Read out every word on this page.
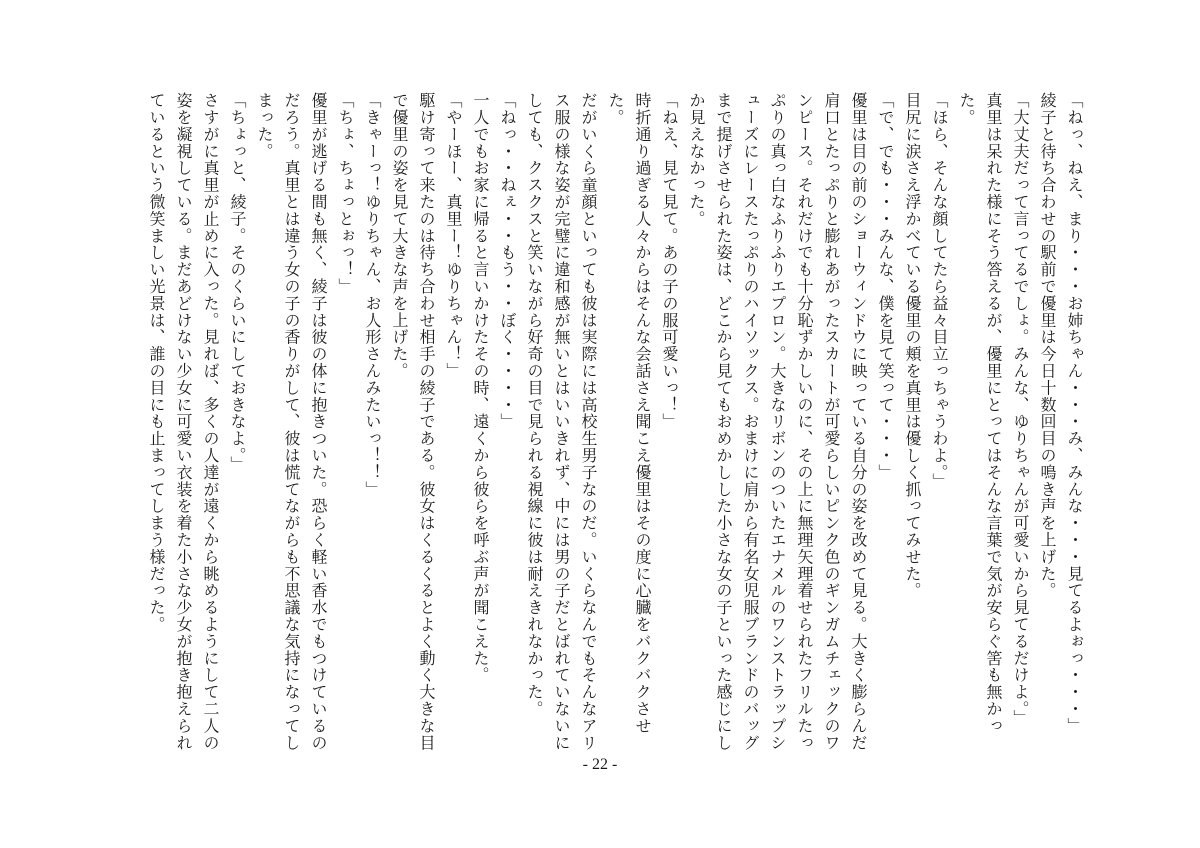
「ねっ、ねえ、まり・・・お姉ちゃん・・・み、みんな・・・見てるよぉっ・・・」

綾子と待ち合わせの駅前で優里は今日十数回目の鳴き声を上げた。

「大丈夫だって言ってるでしょ。みんな、ゆりちゃんが可愛いから見てるだけよ。」

真里は呆れた様にそう答えるが、優里にとってはそんな言葉で気が安らぐ筈も無かった。

「ほら、そんな顔してたら益々目立っちゃうわよ。」

目尻に涙さえ浮かべている優里の頬を真里は優しく抓ってみせた。

「で、でも・・・みんな、僕を見て笑って・・・」

優里は目の前のショーウィンドウに映っている自分の姿を改めて見る。大きく膨らんだ肩口とたっぷりと膨れあがったスカートが可愛らしいピンク色のギンガムチェックのワンピース。それだけでも十分恥ずかしいのに、その上に無理矢理着せられたフリルたっぷりの真っ白なふりふりエプロン。大きなリボンのついたエナメルのワンストラップシューズにレースたっぷりのハイソックス。おまけに肩から有名女児服ブランドのバッグまで提げさせられた姿は、どこから見てもおめかしした小さな女の子といった感じにしか見えなかった。

「ねえ、見て見て。あの子の服可愛いっ！」

時折通り過ぎる人々からはそんな会話さえ聞こえ優里はその度に心臓をバクバクさせた。

だがいくら童顔といっても彼は実際には高校生男子なのだ。いくらなんでもそんなアリス服の様な姿が完璧に違和感が無いとはいいきれず、中には男の子だとばれていないにしても、クスクスと笑いながら好奇の目で見られる視線に彼は耐えきれなかった。

「ねっ・・ねぇ・・もう・・ぼく・・・・」

一人でもお家に帰ると言いかけたその時、遠くから彼らを呼ぶ声が聞こえた。

「やーほー、真里ー！ゆりちゃん！」

駆け寄って来たのは待ち合わせ相手の綾子である。彼女はくるくるとよく動く大きな目で優里の姿を見て大きな声を上げた。

「きゃーっ！ゆりちゃん、お人形さんみたいっ！！」

「ちょ、ちょっとぉっ！」

優里が逃げる間も無く、綾子は彼の体に抱きついた。恐らく軽い香水でもつけているのだろう。真里とは違う女の子の香りがして、彼は慌てながらも不思議な気持になってしまった。

「ちょっと、綾子。そのくらいにしておきなよ。」

さすがに真里が止めに入った。見れば、多くの人達が遠くから眺めるようにして二人の姿を凝視している。まだあどけない少女に可愛い衣装を着た小さな少女が抱き抱えられているという微笑ましい光景は、誰の目にも止まってしまう様だった。

- 22 -
